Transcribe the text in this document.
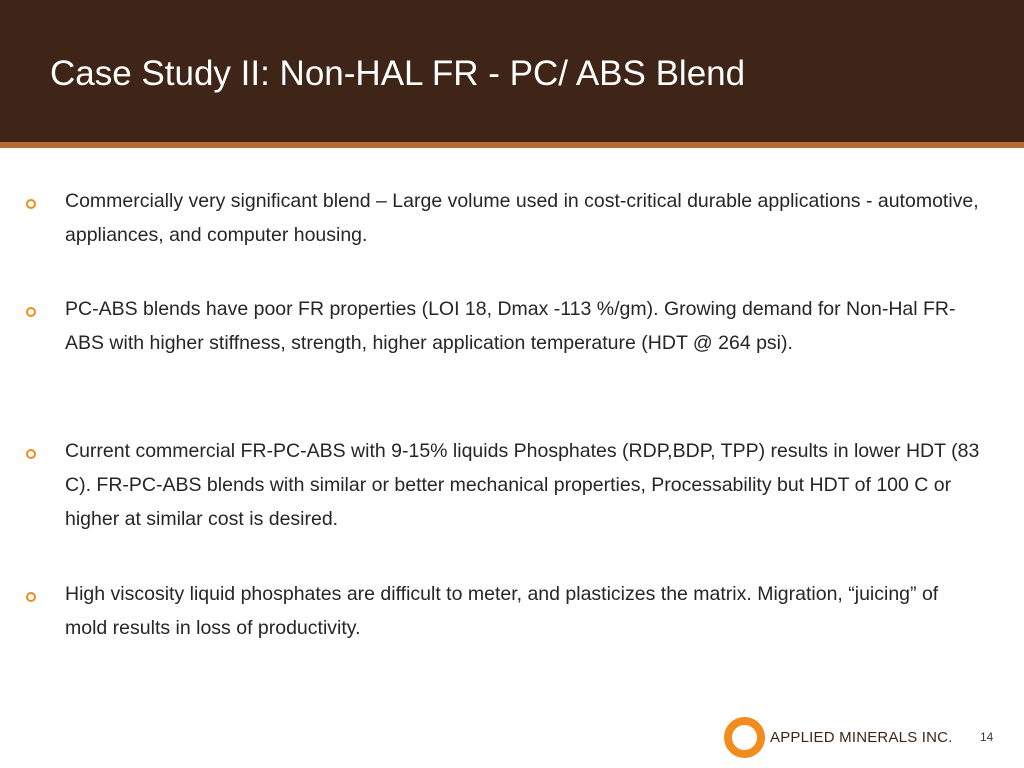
Case Study II: Non-HAL FR - PC/ ABS Blend
Commercially very significant blend – Large volume used in cost-critical durable applications - automotive, appliances, and computer housing.
PC-ABS blends have poor FR properties (LOI 18, Dmax -113 %/gm). Growing demand for Non-Hal FR-ABS with higher stiffness, strength, higher application temperature (HDT @ 264 psi).
Current commercial FR-PC-ABS with 9-15% liquids Phosphates (RDP,BDP, TPP) results in lower HDT (83 C). FR-PC-ABS blends with similar or better mechanical properties, Processability but HDT of 100 C or higher at similar cost is desired.
High viscosity liquid phosphates are difficult to meter, and plasticizes the matrix. Migration, “juicing” of mold results in loss of productivity.
APPLIED MINERALS INC. 14
